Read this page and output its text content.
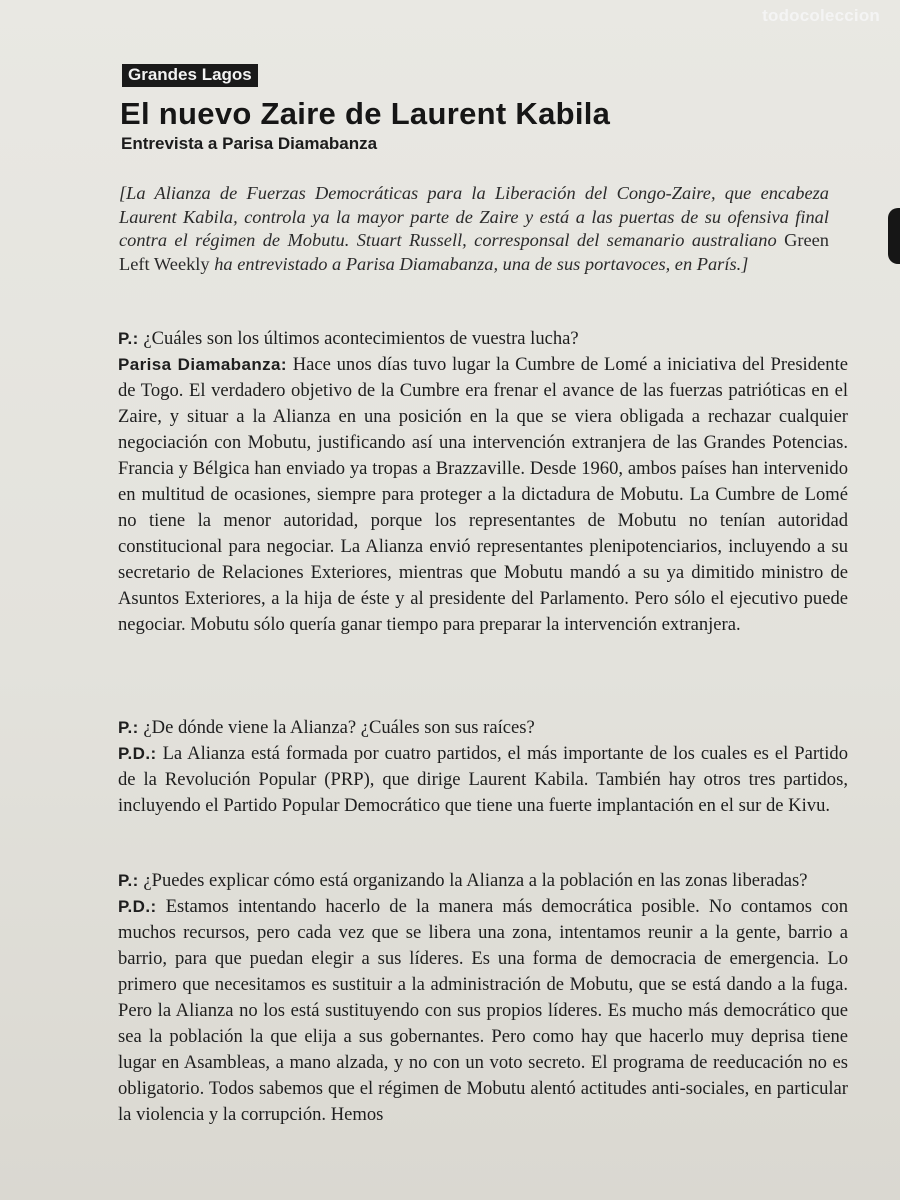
todocoleccion
Grandes Lagos
El nuevo Zaire de Laurent Kabila
Entrevista a Parisa Diamabanza
[La Alianza de Fuerzas Democráticas para la Liberación del Congo-Zaire, que encabeza Laurent Kabila, controla ya la mayor parte de Zaire y está a las puertas de su ofensiva final contra el régimen de Mobutu. Stuart Russell, corresponsal del semanario australiano Green Left Weekly ha entrevistado a Parisa Diamabanza, una de sus portavoces, en París.]

P.: ¿Cuáles son los últimos acontecimientos de vuestra lucha?

Parisa Diamabanza: Hace unos días tuvo lugar la Cumbre de Lomé a iniciativa del Presidente de Togo. El verdadero objetivo de la Cumbre era frenar el avance de las fuerzas patrióticas en el Zaire, y situar a la Alianza en una posición en la que se viera obligada a rechazar cualquier negociación con Mobutu, justificando así una intervención extranjera de las Grandes Potencias. Francia y Bélgica han enviado ya tropas a Brazzaville. Desde 1960, ambos países han intervenido en multitud de ocasiones, siempre para proteger a la dictadura de Mobutu. La Cumbre de Lomé no tiene la menor autoridad, porque los representantes de Mobutu no tenían autoridad constitucional para negociar. La Alianza envió representantes plenipotenciarios, incluyendo a su secretario de Relaciones Exteriores, mientras que Mobutu mandó a su ya dimitido ministro de Asuntos Exteriores, a la hija de éste y al presidente del Parlamento. Pero sólo el ejecutivo puede negociar. Mobutu sólo quería ganar tiempo para preparar la intervención extranjera.

P.: ¿De dónde viene la Alianza? ¿Cuáles son sus raíces?

P.D.: La Alianza está formada por cuatro partidos, el más importante de los cuales es el Partido de la Revolución Popular (PRP), que dirige Laurent Kabila. También hay otros tres partidos, incluyendo el Partido Popular Democrático que tiene una fuerte implantación en el sur de Kivu.

P.: ¿Puedes explicar cómo está organizando la Alianza a la población en las zonas liberadas?

P.D.: Estamos intentando hacerlo de la manera más democrática posible. No contamos con muchos recursos, pero cada vez que se libera una zona, intentamos reunir a la gente, barrio a barrio, para que puedan elegir a sus líderes. Es una forma de democracia de emergencia. Lo primero que necesitamos es sustituir a la administración de Mobutu, que se está dando a la fuga. Pero la Alianza no los está sustituyendo con sus propios líderes. Es mucho más democrático que sea la población la que elija a sus gobernantes. Pero como hay que hacerlo muy deprisa tiene lugar en Asambleas, a mano alzada, y no con un voto secreto. El programa de reeducación no es obligatorio. Todos sabemos que el régimen de Mobutu alentó actitudes anti-sociales, en particular la violencia y la corrupción. Hemos
